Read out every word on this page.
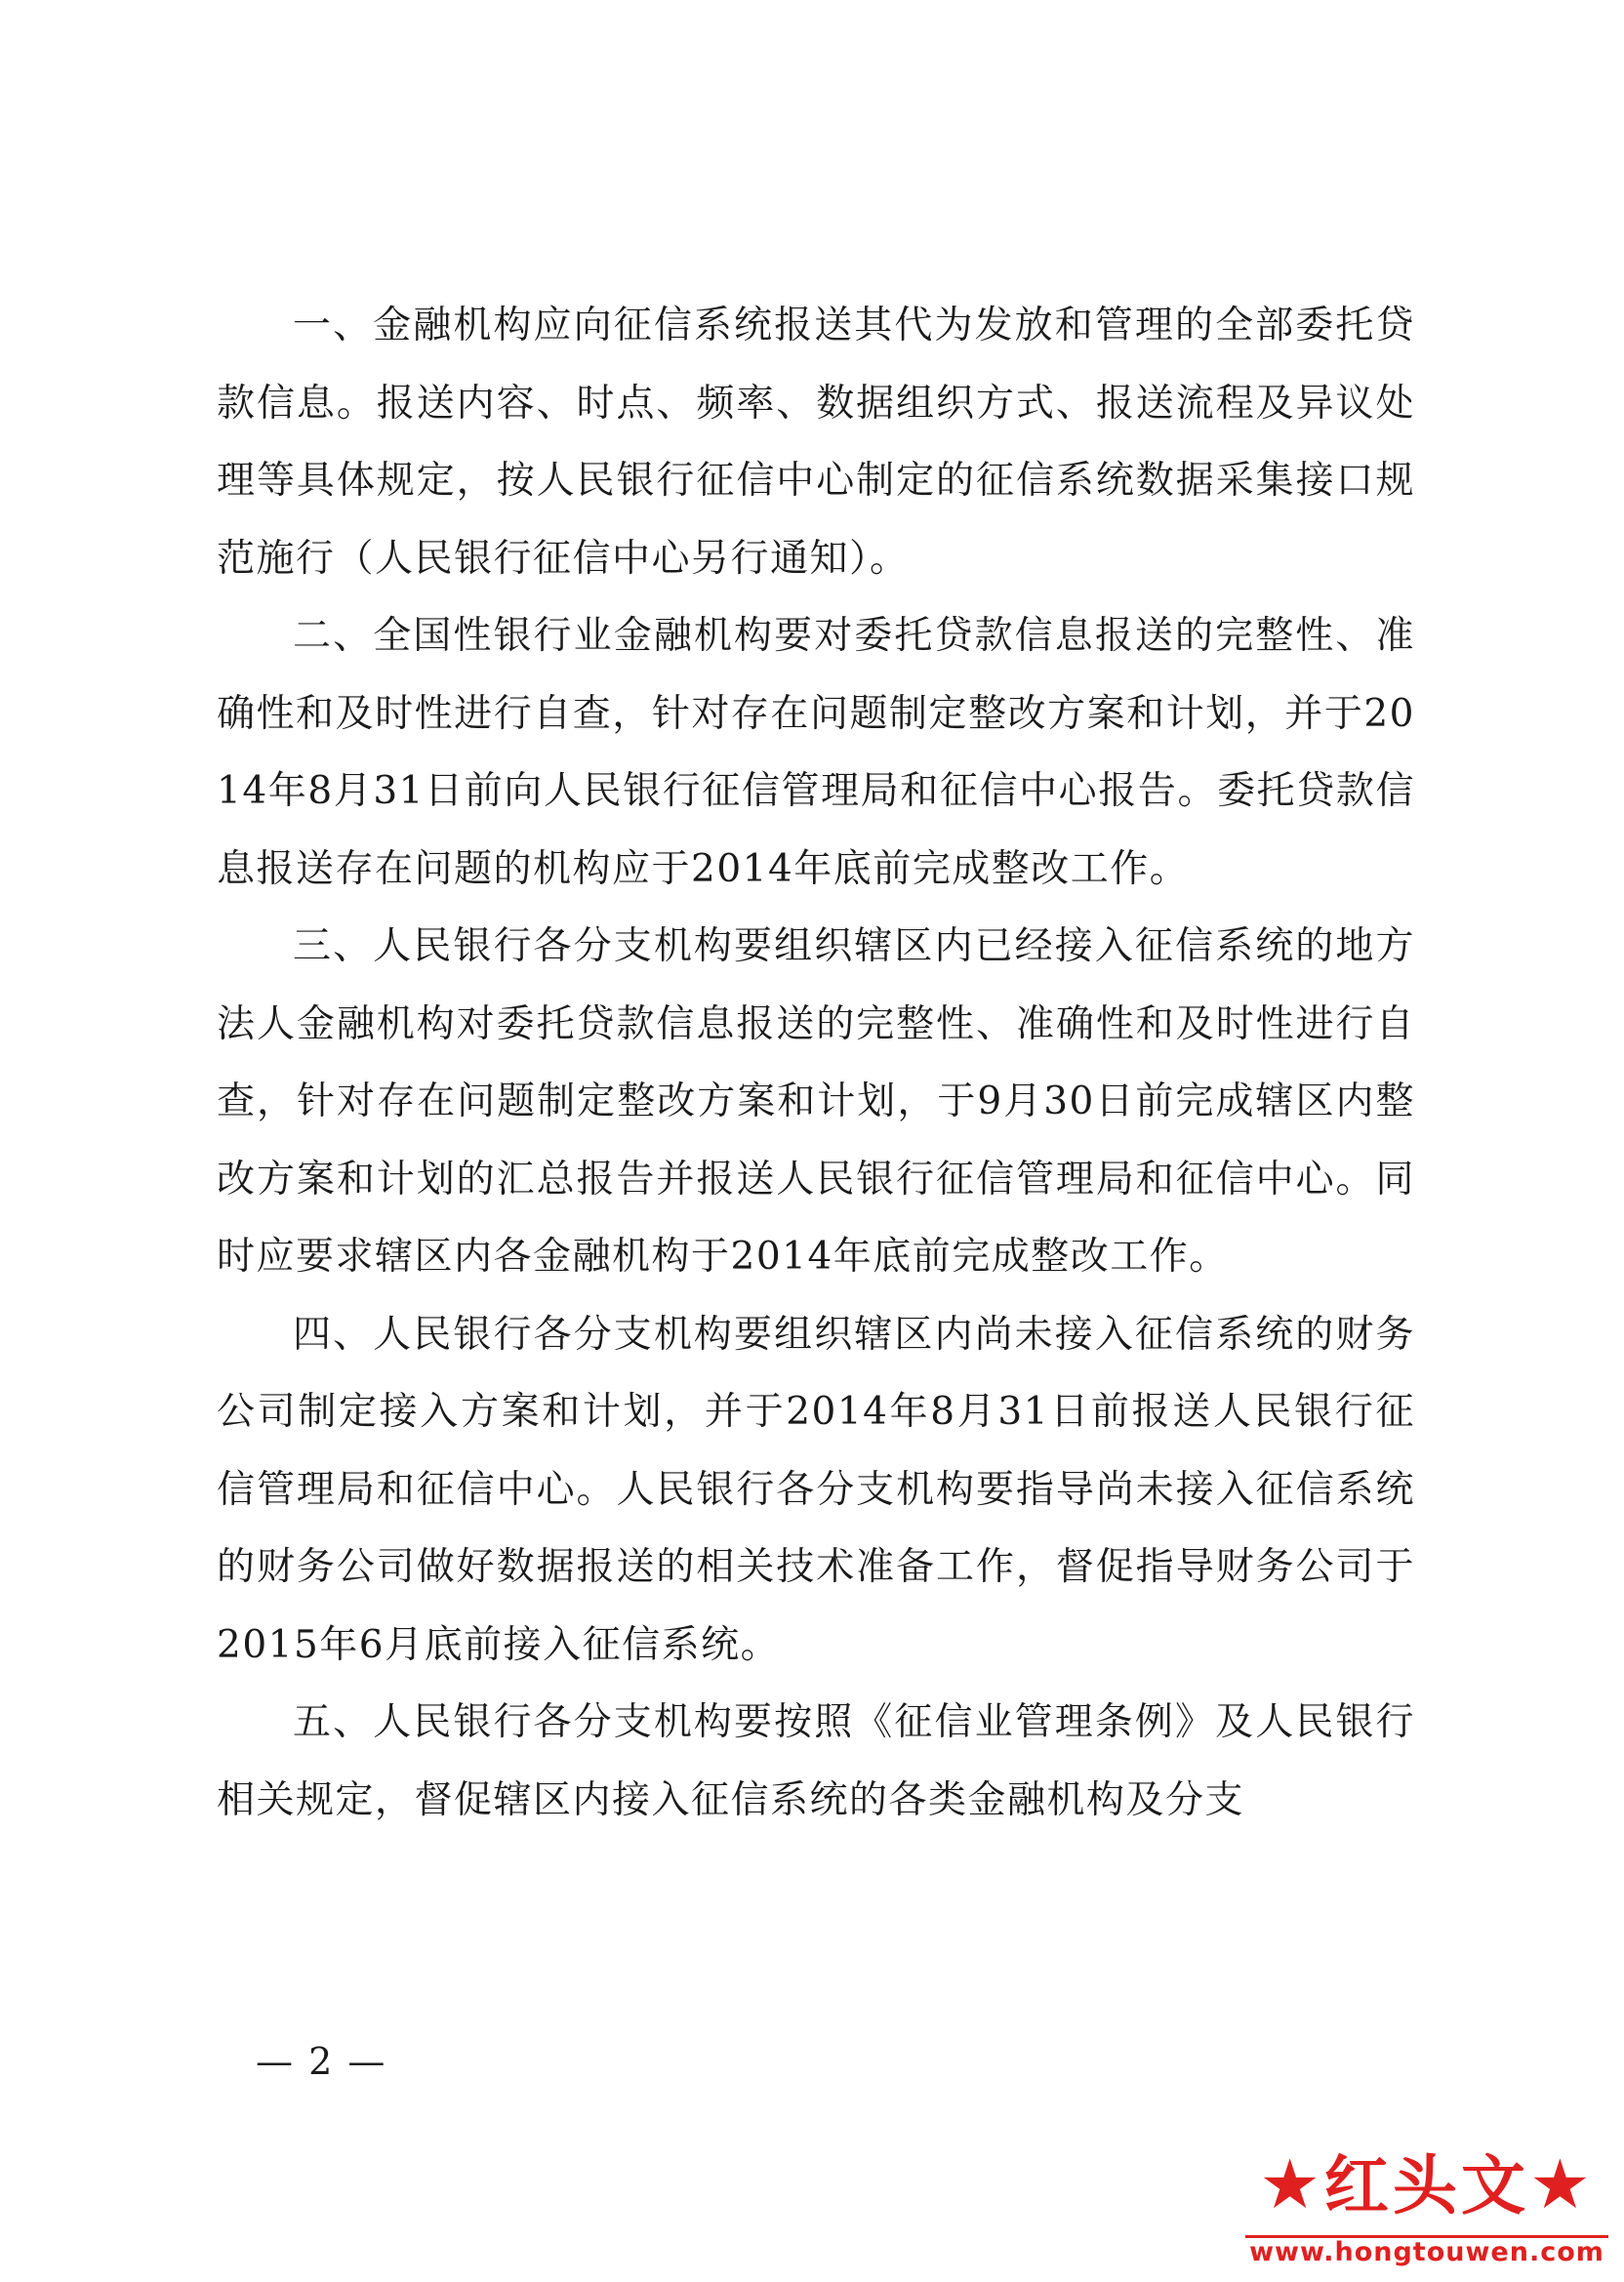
一、金融机构应向征信系统报送其代为发放和管理的全部委托贷款信息。报送内容、时点、频率、数据组织方式、报送流程及异议处理等具体规定，按人民银行征信中心制定的征信系统数据采集接口规范施行（人民银行征信中心另行通知）。

二、全国性银行业金融机构要对委托贷款信息报送的完整性、准确性和及时性进行自查，针对存在问题制定整改方案和计划，并于2014年8月31日前向人民银行征信管理局和征信中心报告。委托贷款信息报送存在问题的机构应于2014年底前完成整改工作。

三、人民银行各分支机构要组织辖区内已经接入征信系统的地方法人金融机构对委托贷款信息报送的完整性、准确性和及时性进行自查，针对存在问题制定整改方案和计划，于9月30日前完成辖区内整改方案和计划的汇总报告并报送人民银行征信管理局和征信中心。同时应要求辖区内各金融机构于2014年底前完成整改工作。

四、人民银行各分支机构要组织辖区内尚未接入征信系统的财务公司制定接入方案和计划，并于2014年8月31日前报送人民银行征信管理局和征信中心。人民银行各分支机构要指导尚未接入征信系统的财务公司做好数据报送的相关技术准备工作，督促指导财务公司于2015年6月底前接入征信系统。

五、人民银行各分支机构要按照《征信业管理条例》及人民银行相关规定，督促辖区内接入征信系统的各类金融机构及分支

— 2 —
★红头文★
www.hongtouwen.com
